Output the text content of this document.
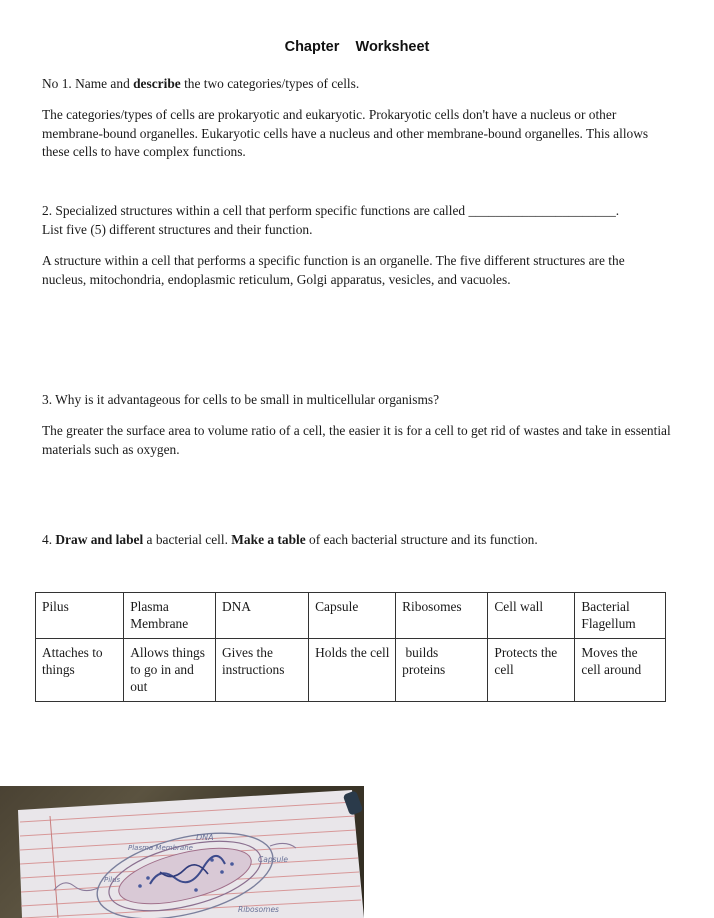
Chapter Worksheet
No 1. Name and describe the two categories/types of cells.
The categories/types of cells are prokaryotic and eukaryotic. Prokaryotic cells don't have a nucleus or other membrane-bound organelles. Eukaryotic cells have a nucleus and other membrane-bound organelles. This allows these cells to have complex functions.
2. Specialized structures within a cell that perform specific functions are called ______________________.
List five (5) different structures and their function.
A structure within a cell that performs a specific function is an organelle. The five different structures are the nucleus, mitochondria, endoplasmic reticulum, Golgi apparatus, vesicles, and vacuoles.
3. Why is it advantageous for cells to be small in multicellular organisms?
The greater the surface area to volume ratio of a cell, the easier it is for a cell to get rid of wastes and take in essential materials such as oxygen.
4. Draw and label a bacterial cell. Make a table of each bacterial structure and its function.
Pilus	Plasma Membrane	DNA	Capsule	Ribosomes	Cell wall	Bacterial Flagellum
Attaches to things	Allows things to go in and out	Gives the instructions	Holds the cell	builds proteins	Protects the cell	Moves the cell around
DNA
Plasma Membrane
Capsule
Pilus
Ribosomes
